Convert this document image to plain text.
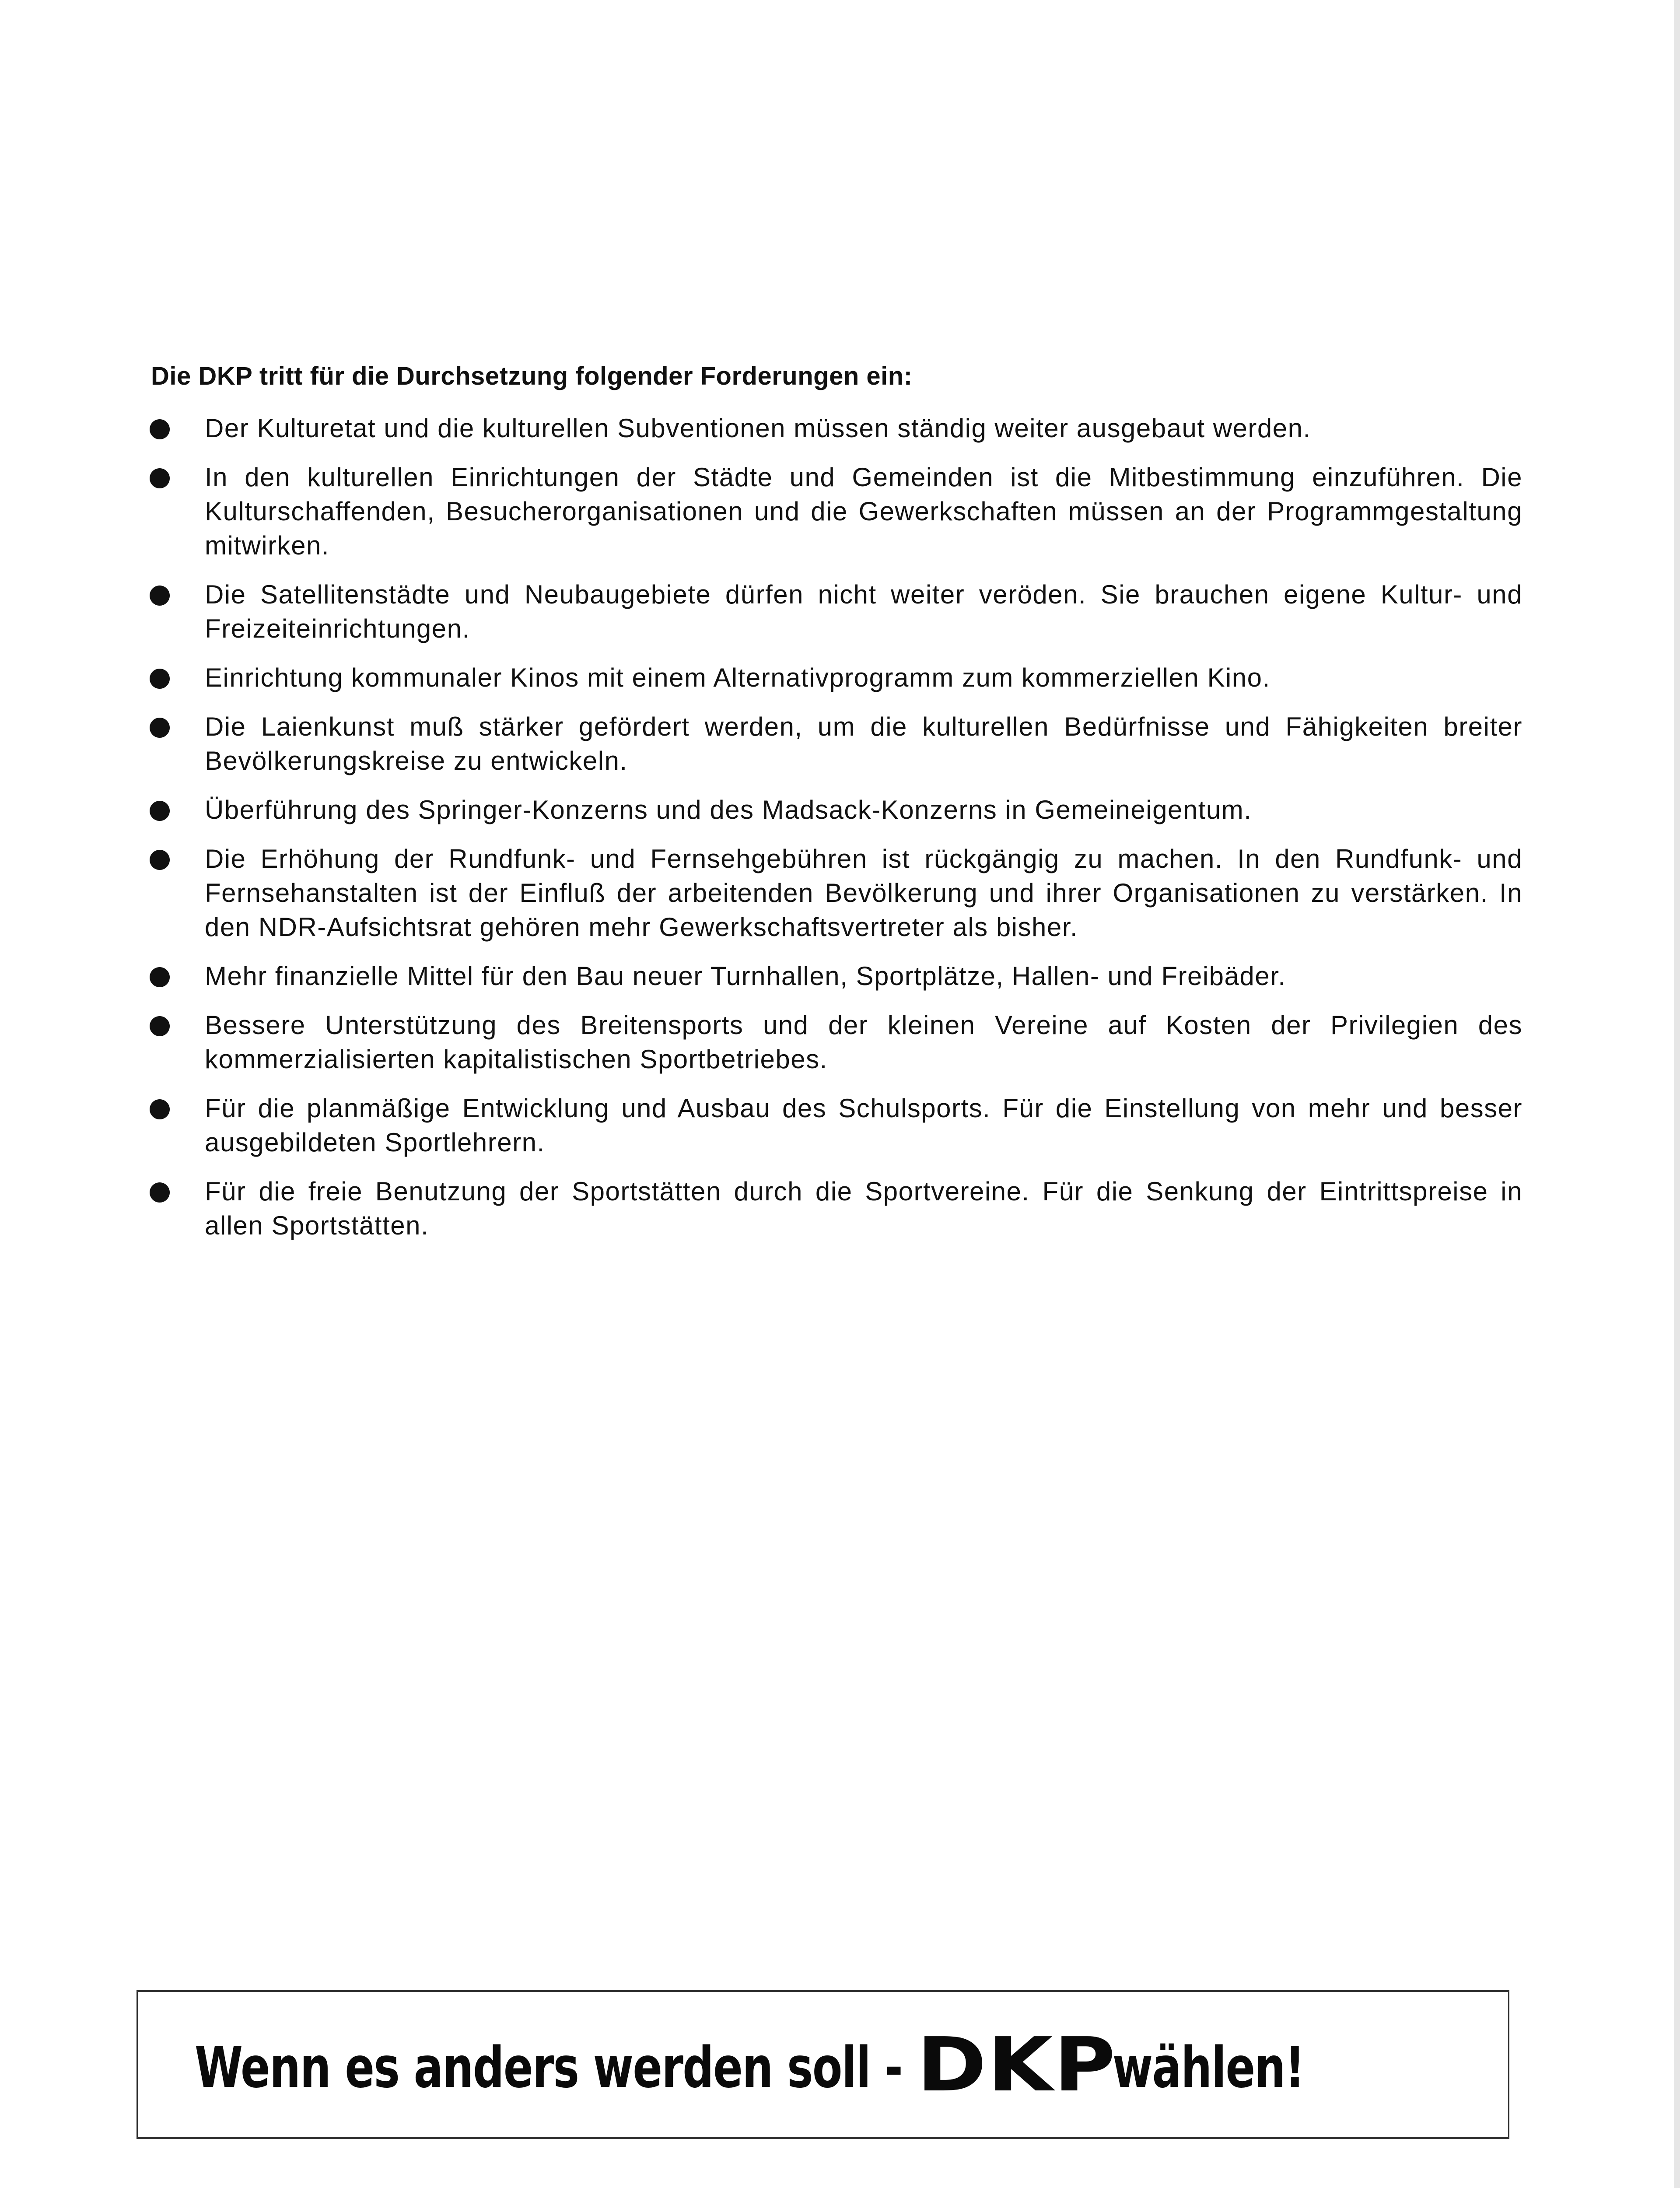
Die DKP tritt für die Durchsetzung folgender Forderungen ein:
Der Kulturetat und die kulturellen Subventionen müssen ständig weiter ausgebaut werden.
In den kulturellen Einrichtungen der Städte und Gemeinden ist die Mitbestimmung einzuführen. Die Kulturschaffenden, Besucherorganisationen und die Gewerkschaften müssen an der Programmgestaltung mitwirken.
Die Satellitenstädte und Neubaugebiete dürfen nicht weiter veröden. Sie brauchen eigene Kultur- und Freizeiteinrichtungen.
Einrichtung kommunaler Kinos mit einem Alternativprogramm zum kommerziellen Kino.
Die Laienkunst muß stärker gefördert werden, um die kulturellen Bedürfnisse und Fähigkeiten breiter Bevölkerungskreise zu entwickeln.
Überführung des Springer-Konzerns und des Madsack-Konzerns in Gemeineigentum.
Die Erhöhung der Rundfunk- und Fernsehgebühren ist rückgängig zu machen. In den Rundfunk- und Fernsehanstalten ist der Einfluß der arbeitenden Bevölkerung und ihrer Organisationen zu verstärken. In den NDR-Aufsichtsrat gehören mehr Gewerkschaftsvertreter als bisher.
Mehr finanzielle Mittel für den Bau neuer Turnhallen, Sportplätze, Hallen- und Freibäder.
Bessere Unterstützung des Breitensports und der kleinen Vereine auf Kosten der Privilegien des kommerzialisierten kapitalistischen Sportbetriebes.
Für die planmäßige Entwicklung und Ausbau des Schulsports. Für die Einstellung von mehr und besser ausgebildeten Sportlehrern.
Für die freie Benutzung der Sportstätten durch die Sportvereine. Für die Senkung der Eintrittspreise in allen Sportstätten.
Wenn es anders werden soll - DKPwählen!
